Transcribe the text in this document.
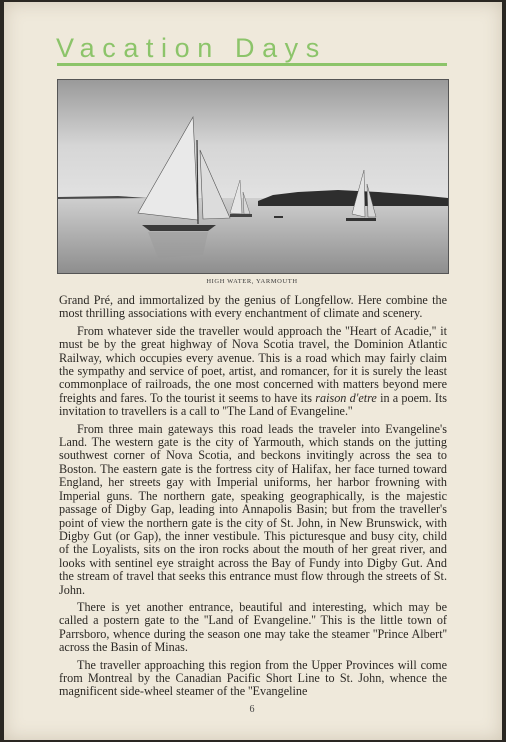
Vacation Days
HIGH WATER, YARMOUTH

Grand Pré, and immortalized by the genius of Longfellow. Here combine the most thrilling associations with every enchantment of climate and scenery.

From whatever side the traveller would approach the ''Heart of Acadie,'' it must be by the great highway of Nova Scotia travel, the Dominion Atlantic Railway, which occupies every avenue. This is a road which may fairly claim the sympathy and service of poet, artist, and romancer, for it is surely the least commonplace of railroads, the one most concerned with matters beyond mere freights and fares. To the tourist it seems to have its raison d'etre in a poem. Its invitation to travellers is a call to ''The Land of Evangeline.''

From three main gateways this road leads the traveler into Evangeline's Land. The western gate is the city of Yarmouth, which stands on the jutting southwest corner of Nova Scotia, and beckons invitingly across the sea to Boston. The eastern gate is the fortress city of Halifax, her face turned toward England, her streets gay with Imperial uniforms, her harbor frowning with Imperial guns. The northern gate, speaking geographically, is the majestic passage of Digby Gap, leading into Annapolis Basin; but from the traveller's point of view the northern gate is the city of St. John, in New Brunswick, with Digby Gut (or Gap), the inner vestibule. This picturesque and busy city, child of the Loyalists, sits on the iron rocks about the mouth of her great river, and looks with sentinel eye straight across the Bay of Fundy into Digby Gut. And the stream of travel that seeks this entrance must flow through the streets of St. John.

There is yet another entrance, beautiful and interesting, which may be called a postern gate to the ''Land of Evangeline.'' This is the little town of Parrsboro, whence during the season one may take the steamer ''Prince Albert'' across the Basin of Minas.

The traveller approaching this region from the Upper Provinces will come from Montreal by the Canadian Pacific Short Line to St. John, whence the magnificent side-wheel steamer of the ''Evangeline

6
